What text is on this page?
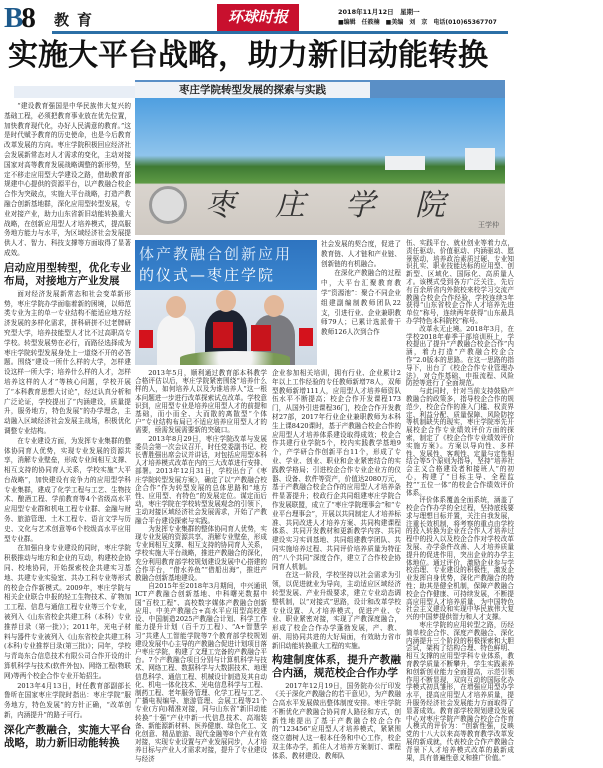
B8 教育	环球时报	2018年11月12日　星期一
■编辑　任筱楠　■美编　刘　京　电话(010)65367707
实施大平台战略，助力新旧动能转换
枣庄学院转型发展的探索与实践
枣庄学院
王学仲
体产教融合创新应用
的仪式—枣庄学院

“建设教育强国是中华民族伟大复兴的基础工程，必须把教育事业放在优先位置，加快教育现代化，办好人民满意的教育。”这是时代赋予教育的历史使命，也是今后教育改革发展的方向。枣庄学院积极回应经济社会发展新常态对人才需求的变化，主动对接国家对高等教育发展战略调整的新形势，坚定不移走应用型大学建设之路，借助教育部规建中心提供的资源平台，以产教融合校企合作为突破点，实施大平台战略，打造产教融合创新基地群，深化应用型转型发展，专业对接产业，助力山东省新旧动能转换重大战略，在创新应用型人才培养模式，提高服务地方能力与水平，为区域经济社会发展提供人才、智力、科技支撑等方面取得了显著成效。

启动应用型转型，优化专业布局，对接地方产业发展

面对经济发展新常态和社会变革新形势，枣庄学院办学面临着新的困境，以师范类专业为主的单一专业结构不能适应地方经济发展的多样化需求，拼科研拼不过老牌研究型大学，培养技能型人才比不过高职高专学校。转型发展势在必行，而路径选择成为枣庄学院转型发展身处上一道绕不开的必答题。围绕“建设一所什么样的大学，怎样建设这样一所大学；培养什么样的人才，怎样培养这样的人才”等核心问题，学校开展了“本科教育思想大讨论”，经过认真分析和广泛论证，学校提出了“内涵建设，质量提升，服务地方，特色发展”的办学理念，主动融入区域经济社会发展主战场，积极优化调整专业结构。

在专业建设方面，为发挥专业集群的整体协同育人优势，实现专业发展的资源共享，消解专业壁垒，形成专业间相互支撑、相互支持的协同育人关系，学校实施“大平台战略”，加快建设有竞争力的应用型学科专业集群，建成了化学工程与工艺、生物技术、酿酒工程、学前教育等4个省级高水平应用型专业群和机电工程专业群、金融与财务、旅游管理、土木工程专、语言文学与历史、文化与艺术创意等6个校级高水平应用型专业群。

在加强自身专业建设的同时，枣庄学院积极推动与地方和企业的互动，构建校企协同、校地协同，开始探索校企共建实习基地、共建专业实验室、共办工科专业等形式的校企合作新模式。2009年，枣庄学院与相关企业联合申报的轻工生物技术、矿物加工工程、信息与通信工程专业等三个专业，被列入《山东省校企共建工科（本科）专业推荐目录（第一批）》；2011年，光电子材料与器件专业被列入《山东省校企共建工科(本科)专业推荐目录(第三批)》；同年，学校与青岛东合信息技术有限公司合作开设的计算机科学与技术(软件外包)、网络工程(物联网)等两个校企合作专业开始招生。

2013年4月13日，时任教育部副部长鲁昕在国家枣庄学院时指出：枣庄学院“服务地方，特色发展”的方针正确，“改革创新，内涵提升”的路子可行。

深化产教融合，实施大平台战略，助力新旧动能转换

2013年5月，顺利通过教育部本科教学合格评估以后，枣庄学院紧密围绕“培养什么样的人，如何培养人以及为谁培养人”这一根本问题进一步进行改革探索试点改革。学校意识到，应用型专业是培养应用型人才的前提和基础，而小而全、大而散的离散型“个体户”专业结构布局已不适应培养应用型人才的需要，亟需发展需要新的突破口。

2013年8月29日，枣庄学院改革与发展委员会第一次会议召开，时任党委副书记、校长曹胜强出席会议并讲话，对包括应用型本科人才培养模式改革在内的三大改革进行安排、部署。2013年12月31日，学校出台了《枣庄学院转型发展方案》，确定了以“产教融合校企合作”作为转型发展的总体思路和“地方性、应用型、有特色”的发展定位。谋定而后动，枣庄学院在学校转型发展观念的引领下，主动对接区域经济社会发展需求，开始了产教融合平台建设探索与实践。

为发挥专业集群的整体协同育人优势，实现专业发展的资源共享，消解专业壁垒，形成专业间相互支撑、相互支持的协同育人关系，学校实施大平台战略，推进产教融合的深化，充分利用教育部学校规划建设发展中心搭建的合作平台，“借水养鱼”“借船出海”，推进产教融合创新基地建设。

自2015年至2018年3月期间，中兴通讯ICT产教融合创新基地、中科曙光数据中国“百校工程”、高校数字媒体产教融合创新应用、中美产教融合+高水平应用型高校建设、中国制造2025产教融合计划、科学工作能力提升计划（百千万工程）、“A+智慧学习”共建人工智能学院等7个教育部学校规划建设发展中心主导的产教融合促进计划项目落户枣庄学院，构建了文理工完备的产教融合平台。7个产教融合项目分别与计算机科学与技术、网络工程、数据科学与大数据技术、地理信息科学、通信工程、机械设计制造及其自动化、机电一体化技术、光电信息科学与工程、制药工程、老年服务管理、化学工程与工艺、广播电视编导、旅游管理、会展工程等21个专业(方向)精准对接，同与山东省“新旧动能转换”十强“产业中新一代信息技术、高端装备、新能源新材料、医养健康、绿色化工、文化创意、精品旅游、现代金融等8个产业有效对接，实现专业设置与产业发展同步，人才培养目标与产业人才需求对接，提升了专业建设与经济

社会发展的契合度，促进了教育链、人才链和产业链、创新链的有机融合。

在深化产教融合的过程中，大平台汇聚教育教学“资源池”：聚合不同企业组建副编制教师团队22支，引进行业、企业兼职教师79人；已累计选派骨干教师126人次到合作

企业参加相关培训，拥有行业、企业累计2年以上工作经验的专任教师新增78人，双师型教师新增111人，应用型人才培养师资队伍水平不断提高；校企合作开发课程173门，从国外引进课程36门，校企合作开发教材27部，2017年行业企业兼职教师为本科生上课8420课时，基于产教融合校企合作的应用型人才培养体系建设取得成效；校企合作共建行业学院5个，校内实践教学基地9个，产学研合作创新平台11个，形成了专业、学业、创业、职业和企业紧密结合的实践教学格局；引进校企合作专业企业方的仪器、设备、软件等资产，价值达2080万元，基于产教融合校企合作的应用型人才培养条件显著提升；校政行企共同组建枣庄学院合作发展联盟，成立了“枣庄学院理事会”和“专业平台理事会”，开展以共同制定人才培养标准、共同改进人才培养方案、共同构建课程体系、共同开发教材和更新教学内容、共同建设实习实训基地、共同组建教学团队、共同实施培养过程、共同评价培养质量为特征的“八个共同”深度合作，建立了合作校企协同育人机制。

在这一阶段，学校坚持以社会需求为引领，以促进就业为导向，主动适应区域经济转型发展、产业升级要求，建立专业动态调整机制，以“对接式”思路，设计和改革学校专业设置、人才培养模式，促进产业、专业、职业紧密对接，实现了产教深度融合，形成了校企合作办学蓬勃发展，产、教、研、用协同共进的大好局面，有效助力省市新旧动能转换重大工程的实施。

构建制度体系，提升产教融合内涵，规范校企合作办学

2017年12月19日，国务院办公厅印发《关于深化产教融合的若干意见》，为产教融合高水平发展做出整体制度安排。枣庄学院不断优化产教融合协同育人路径和方式，创新性地提出了基于产教融合校企合作的“123456”应用型人才培养模式，紧紧围绕立德树人这一根本任务和中心工作，校企双主体办学，抓住人才培养方案制订、课程体系、教材建设、教师队

伍、实践平台、就业创业等着力点，责任驱动、价值驱动、内涵驱动、愿景驱动，培养政治素质过硬、专业知识扎实、职业技能达标的应用型、创新型、区域化、国际化、高质量人才。该模式受到各方广泛关注，先后有百余所省内外院校来校学习交流产教融合校企合作经验，学校连续3年获得“山东省校企合作人才培养先进单位”称号，连续两年获得“山东最具办学特色本科院校”称号。

改革永无止境。2018年3月，在学校2018年春季干部培训班上，学校提出了提升“产教融合校企合作”内涵，着力打造“产教融合校企合作”2.0版本的思路。在这一思路的指导下，出台了《校企合作专业管理办法》，对合作基础、申报流程、风险防控等进行了全面规范。

与此同时，针对当前支持鼓励产教融合的政策多，指导校企合作的规范少，校企合作的准入门槛、权责界定、利益分配、质量保障、风险防控等机制缺失的现实，枣庄学院率先开展校企合作专业绩效评价方面的探索，制定了《校企合作专业绩效评价实施方案》。方案以导向性、多样性、发展性、客观性、定量与定性相结合等5个原则为指导，坚持“培养社会主义合格建设者和接班人”的初心，构建了“目标主导、全程监控”“五位一体”的校企合作绩效评价体系。

评价体系覆盖全面系统，涵盖了校企合作办学的全过程，坚持底线要求与理想目标并置，关注自我发展，注重长效机制，将考察的重点由学校的投入转换为企业在合作人才培养过程中的投入以及校企合作对学校改革发展、办学条件改善、人才培养质量提升的促进作用，突出企业的办学主体地位。通过评价，激励企业参与学校治理、专业建设的积极性，激发企业发挥自身优势，深化产教融合的特性；助其是健全机制，保障产教融合校企合作健康、可持续发展，不断提高应用型人才培养质量，为中国特色社会主义建设和实现中华民族伟大复兴的中国梦提供智力和人才支撑。

枣庄学院的应用转型之路，历经简单校企合作、深度产教融合、深化内涵提升三个阶段的积极探索和大胆尝试，架构了结构合理、特色鲜明、相互支撑的应用型学科专业体系，教育教学质量不断攀升，学生实践素养和创新创业能力全面提高，示范引领作用不断显现，双向互动的国际化办学模式初具雏形，在增强应用型办学水平，提高应用型人才培养质量，提升服务经济社会发展能力方面取得了显著成效。教育部学校规划建设发展中心对枣庄学院产教融合校企合作育人模式的评价为：“创新性强，反映党的十八大以来高等教育教学改革发展的新成就，代表校企合作产教融合背景下人才培养模式改革的最新成果，具有普遍性意义和推广价值。”
